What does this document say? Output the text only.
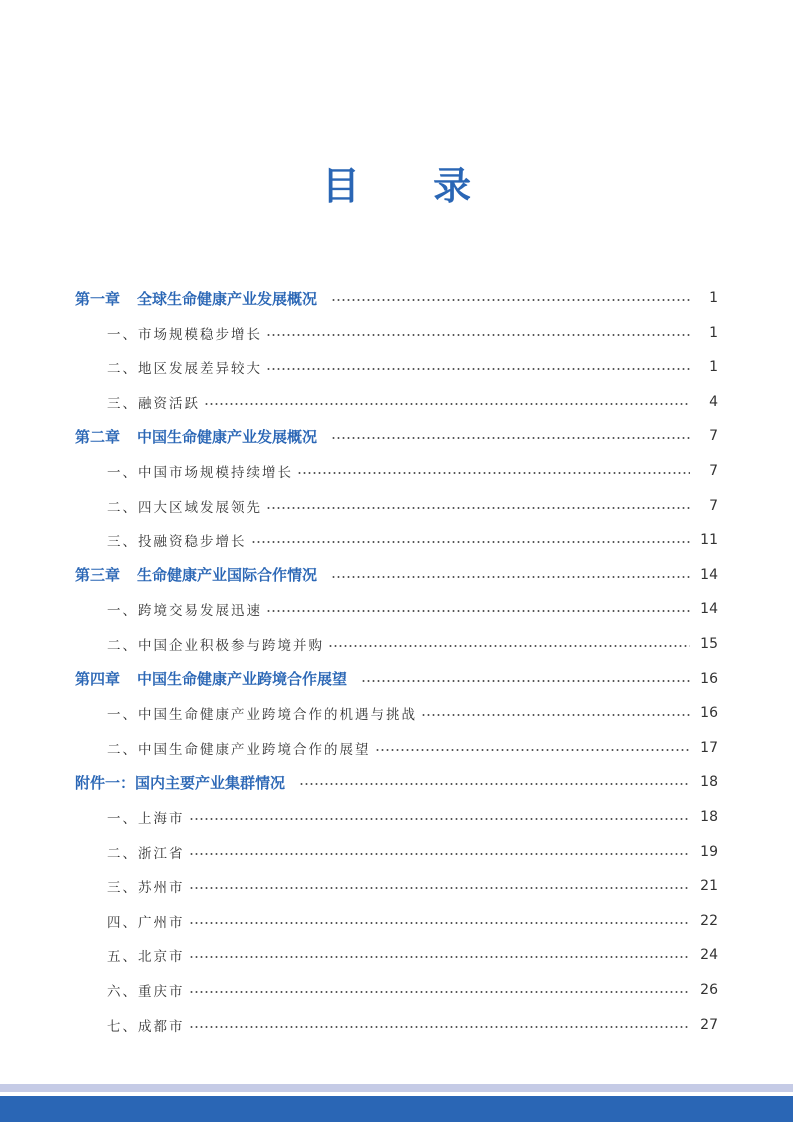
目 录
第一章 全球生命健康产业发展概况	1
一、市场规模稳步增长	1
二、地区发展差异较大	1
三、融资活跃	4
第二章 中国生命健康产业发展概况	7
一、中国市场规模持续增长	7
二、四大区域发展领先	7
三、投融资稳步增长	11
第三章 生命健康产业国际合作情况	14
一、跨境交易发展迅速	14
二、中国企业积极参与跨境并购	15
第四章 中国生命健康产业跨境合作展望	16
一、中国生命健康产业跨境合作的机遇与挑战	16
二、中国生命健康产业跨境合作的展望	17
附件一：国内主要产业集群情况	18
一、上海市	18
二、浙江省	19
三、苏州市	21
四、广州市	22
五、北京市	24
六、重庆市	26
七、成都市	27
